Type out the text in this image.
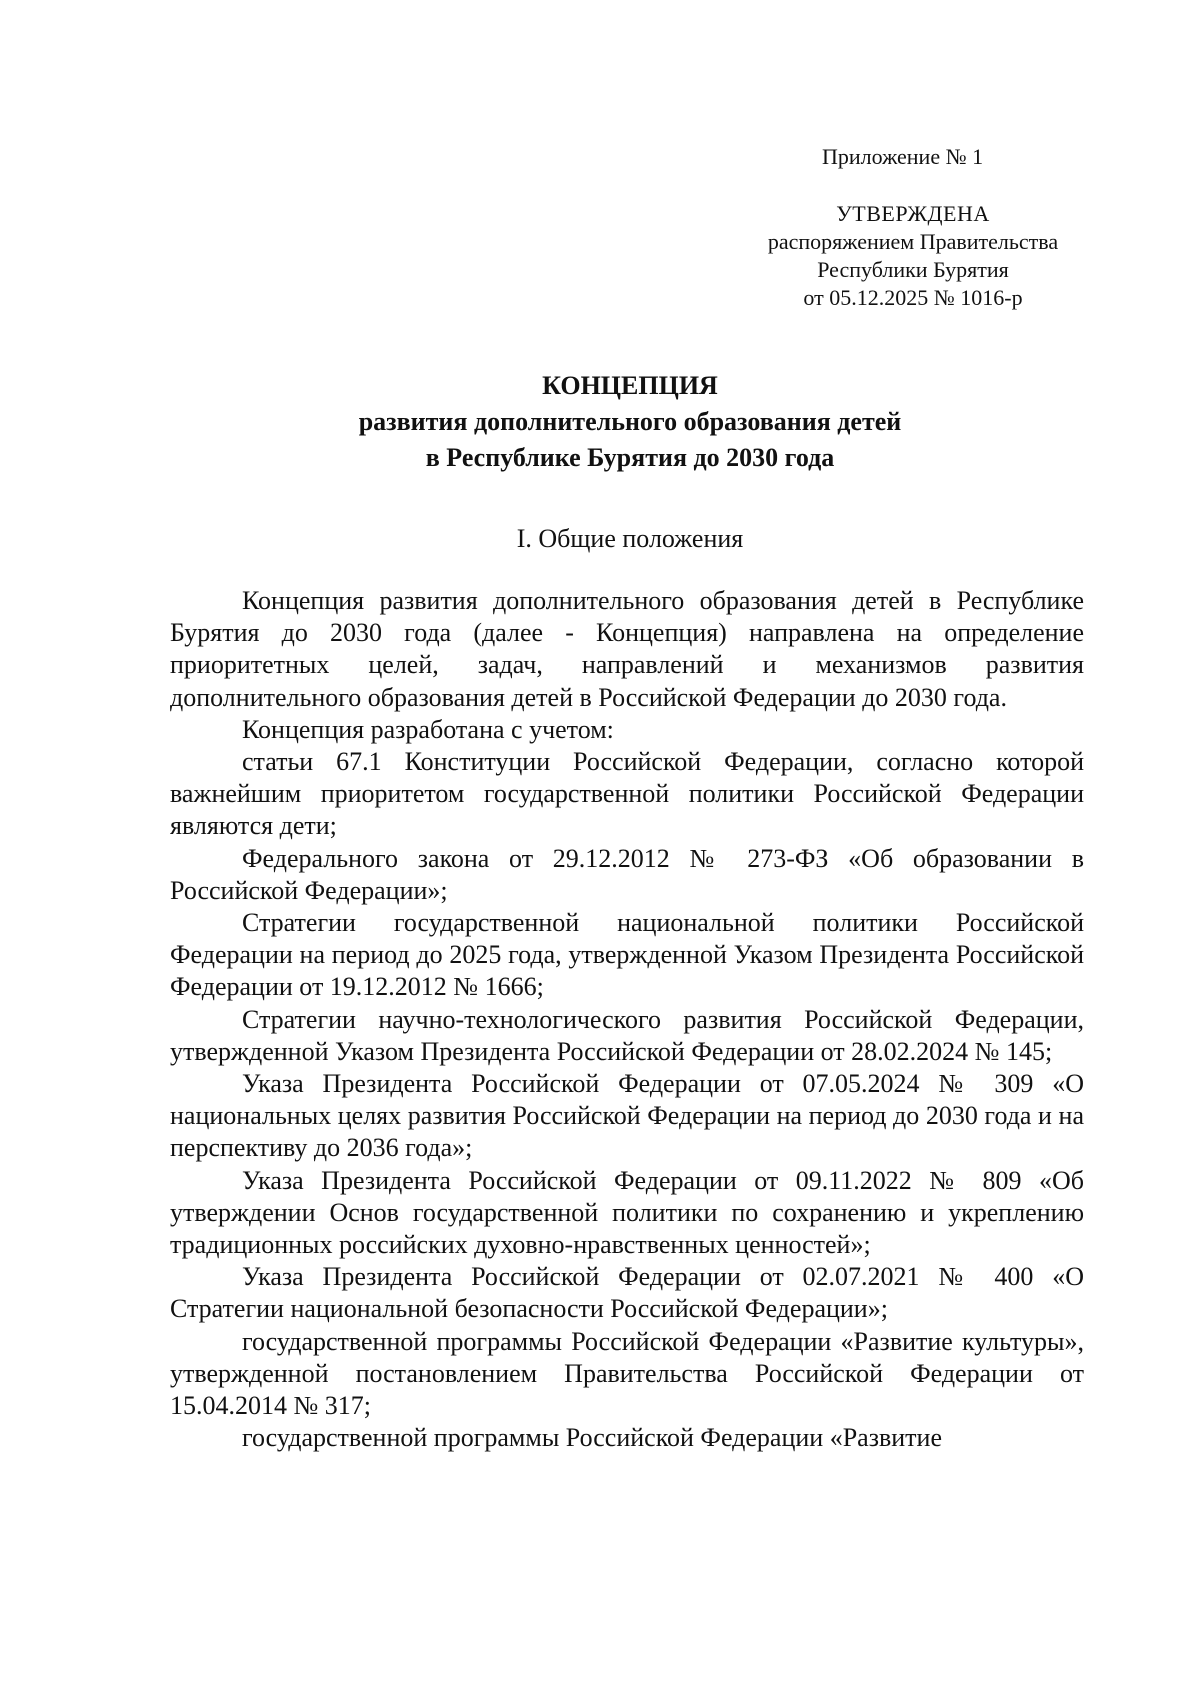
Приложение № 1
УТВЕРЖДЕНА
распоряжением Правительства
Республики Бурятия
от 05.12.2025 № 1016-р
КОНЦЕПЦИЯ
развития дополнительного образования детей
в Республике Бурятия до 2030 года
I. Общие положения

Концепция развития дополнительного образования детей в Республике Бурятия до 2030 года (далее - Концепция) направлена на определение приоритетных целей, задач, направлений и механизмов развития дополнительного образования детей в Российской Федерации до 2030 года.

Концепция разработана с учетом:

статьи 67.1 Конституции Российской Федерации, согласно которой важнейшим приоритетом государственной политики Российской Федерации являются дети;

Федерального закона от 29.12.2012 № 273-ФЗ «Об образовании в Российской Федерации»;

Стратегии государственной национальной политики Российской Федерации на период до 2025 года, утвержденной Указом Президента Российской Федерации от 19.12.2012 № 1666;

Стратегии научно-технологического развития Российской Федерации, утвержденной Указом Президента Российской Федерации от 28.02.2024 № 145;

Указа Президента Российской Федерации от 07.05.2024 № 309 «О национальных целях развития Российской Федерации на период до 2030 года и на перспективу до 2036 года»;

Указа Президента Российской Федерации от 09.11.2022 № 809 «Об утверждении Основ государственной политики по сохранению и укреплению традиционных российских духовно-нравственных ценностей»;

Указа Президента Российской Федерации от 02.07.2021 № 400 «О Стратегии национальной безопасности Российской Федерации»;

государственной программы Российской Федерации «Развитие культуры», утвержденной постановлением Правительства Российской Федерации от 15.04.2014 № 317;

государственной программы Российской Федерации «Развитие
